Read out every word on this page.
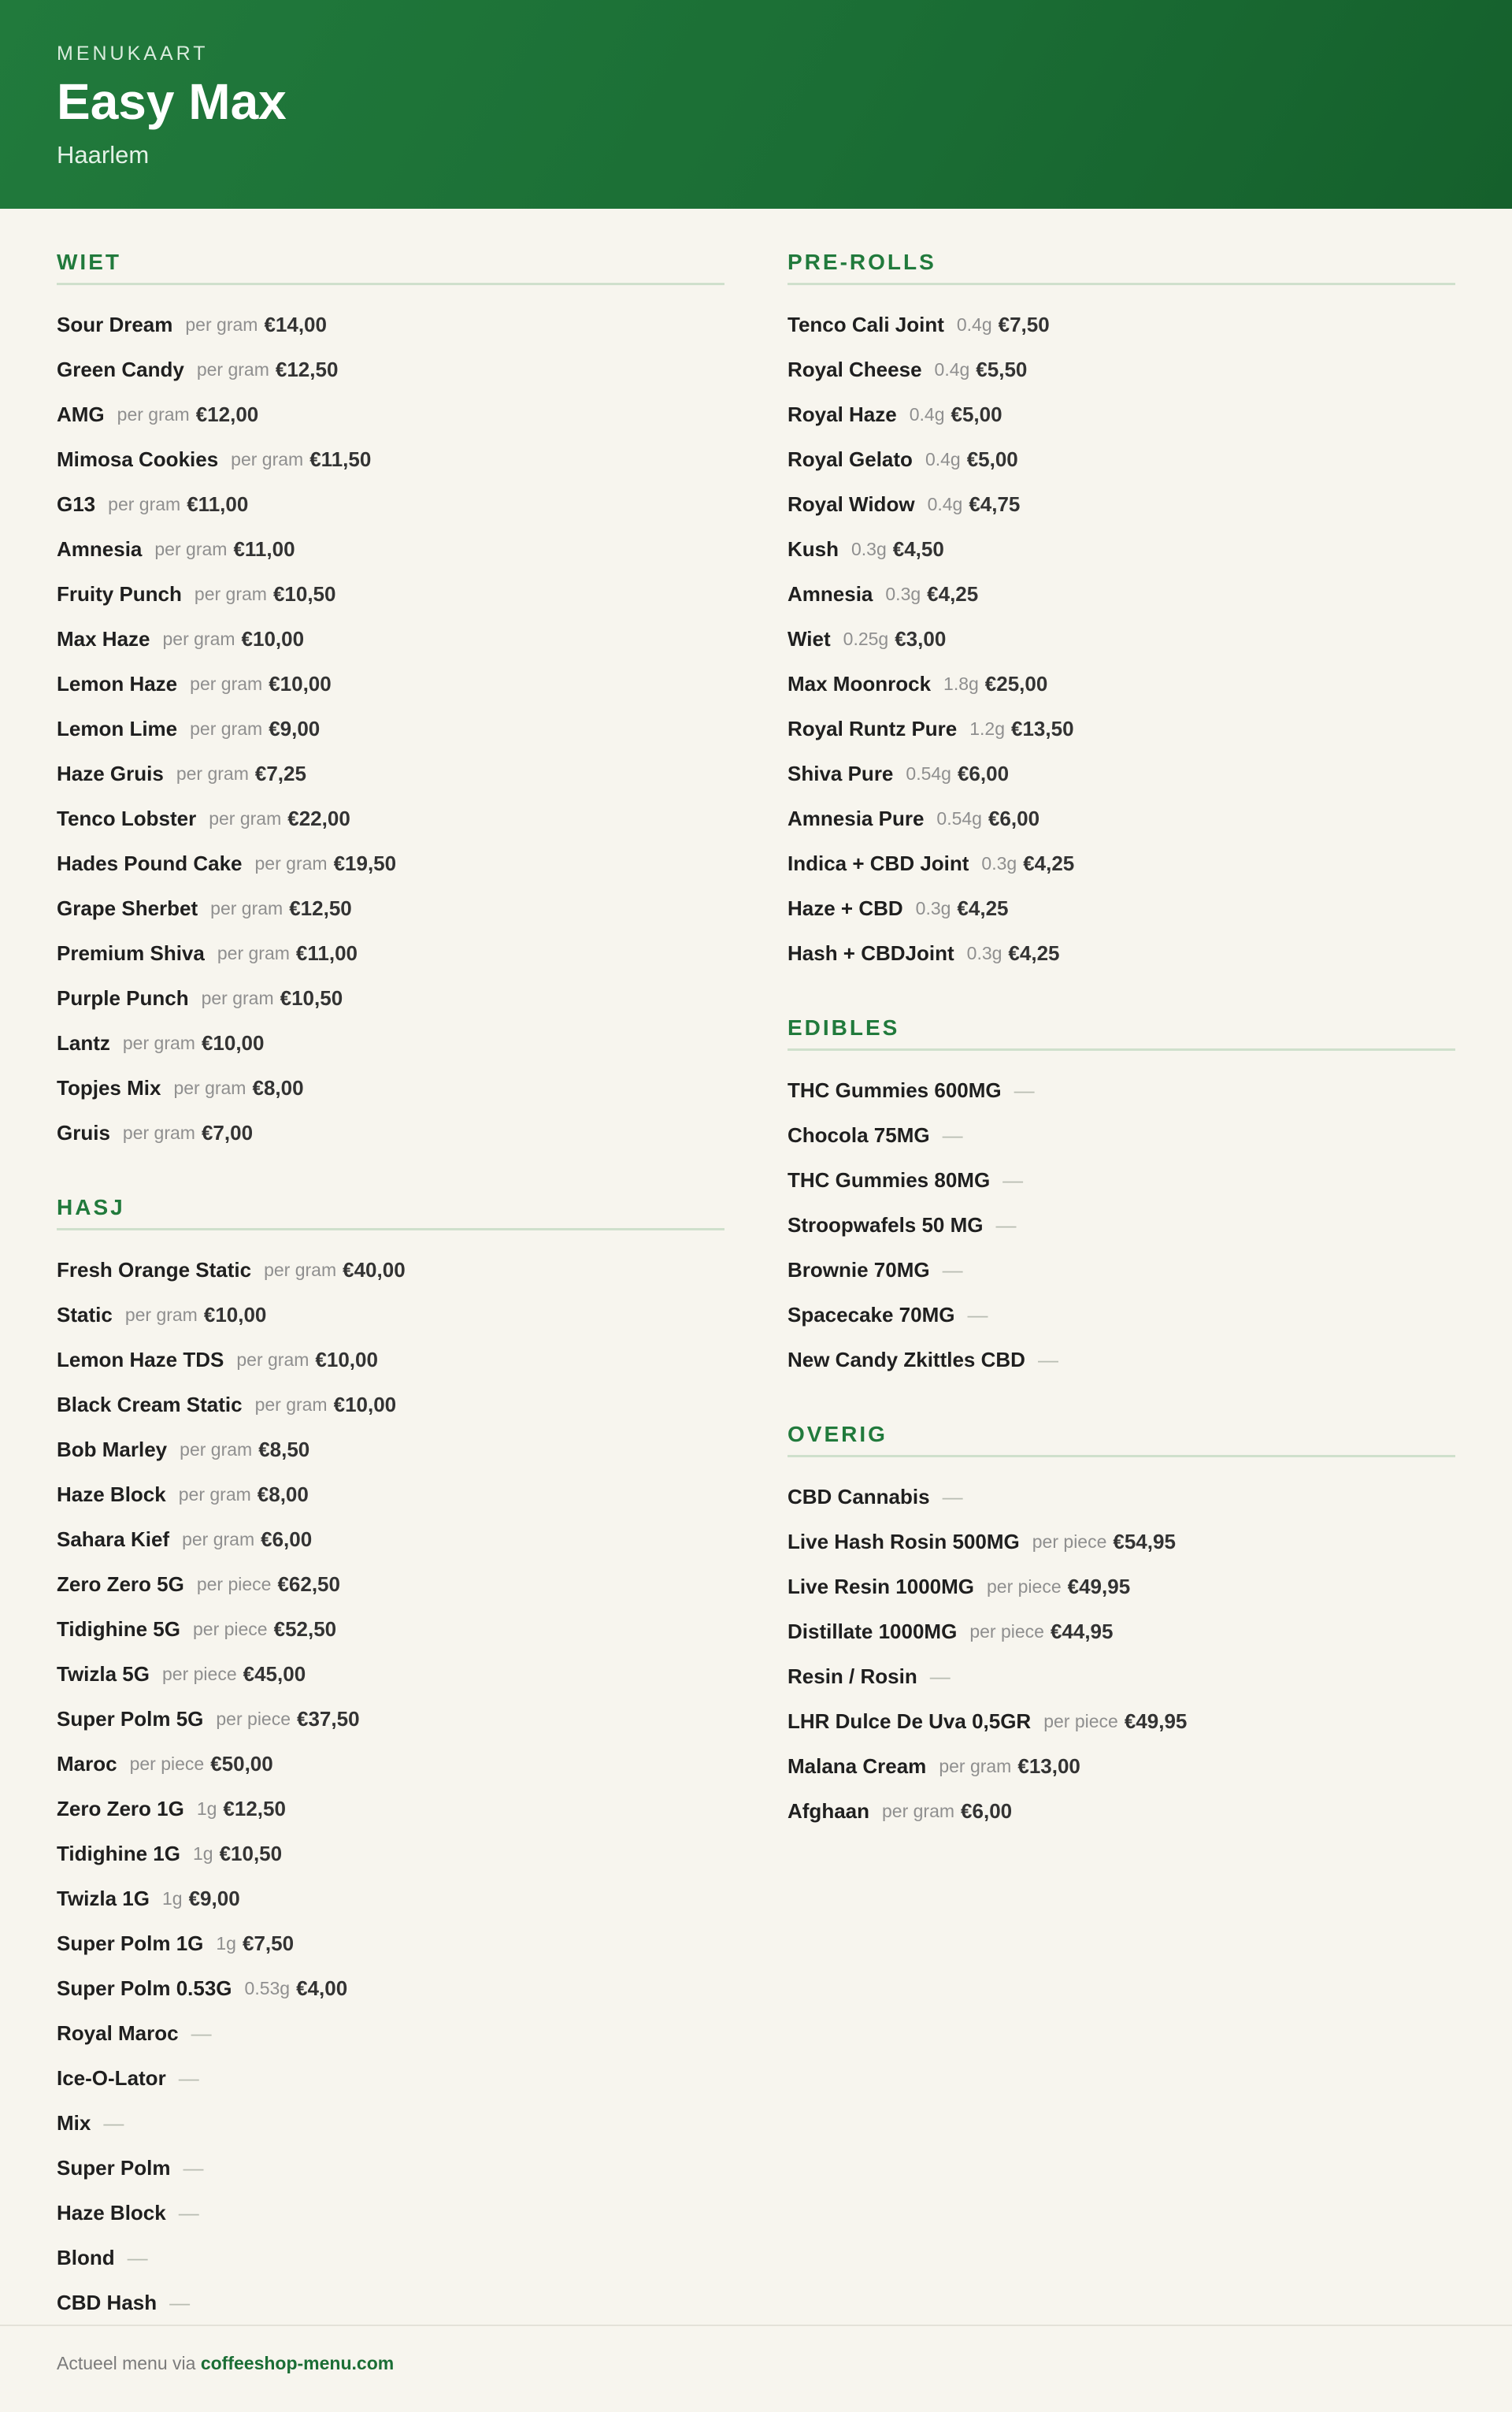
MENUKAART
Easy Max
Haarlem
WIET
Sour Dream per gram €14,00
Green Candy per gram €12,50
AMG per gram €12,00
Mimosa Cookies per gram €11,50
G13 per gram €11,00
Amnesia per gram €11,00
Fruity Punch per gram €10,50
Max Haze per gram €10,00
Lemon Haze per gram €10,00
Lemon Lime per gram €9,00
Haze Gruis per gram €7,25
Tenco Lobster per gram €22,00
Hades Pound Cake per gram €19,50
Grape Sherbet per gram €12,50
Premium Shiva per gram €11,00
Purple Punch per gram €10,50
Lantz per gram €10,00
Topjes Mix per gram €8,00
Gruis per gram €7,00
HASJ
Fresh Orange Static per gram €40,00
Static per gram €10,00
Lemon Haze TDS per gram €10,00
Black Cream Static per gram €10,00
Bob Marley per gram €8,50
Haze Block per gram €8,00
Sahara Kief per gram €6,00
Zero Zero 5G per piece €62,50
Tidighine 5G per piece €52,50
Twizla 5G per piece €45,00
Super Polm 5G per piece €37,50
Maroc per piece €50,00
Zero Zero 1G 1g €12,50
Tidighine 1G 1g €10,50
Twizla 1G 1g €9,00
Super Polm 1G 1g €7,50
Super Polm 0.53G 0.53g €4,00
Royal Maroc —
Ice-O-Lator —
Mix —
Super Polm —
Haze Block —
Blond —
CBD Hash —
PRE-ROLLS
Tenco Cali Joint 0.4g €7,50
Royal Cheese 0.4g €5,50
Royal Haze 0.4g €5,00
Royal Gelato 0.4g €5,00
Royal Widow 0.4g €4,75
Kush 0.3g €4,50
Amnesia 0.3g €4,25
Wiet 0.25g €3,00
Max Moonrock 1.8g €25,00
Royal Runtz Pure 1.2g €13,50
Shiva Pure 0.54g €6,00
Amnesia Pure 0.54g €6,00
Indica + CBD Joint 0.3g €4,25
Haze + CBD 0.3g €4,25
Hash + CBDJoint 0.3g €4,25
EDIBLES
THC Gummies 600MG —
Chocola 75MG —
THC Gummies 80MG —
Stroopwafels 50 MG —
Brownie 70MG —
Spacecake 70MG —
New Candy Zkittles CBD —
OVERIG
CBD Cannabis —
Live Hash Rosin 500MG per piece €54,95
Live Resin 1000MG per piece €49,95
Distillate 1000MG per piece €44,95
Resin / Rosin —
LHR Dulce De Uva 0,5GR per piece €49,95
Malana Cream per gram €13,00
Afghaan per gram €6,00
Actueel menu via coffeeshop-menu.com
